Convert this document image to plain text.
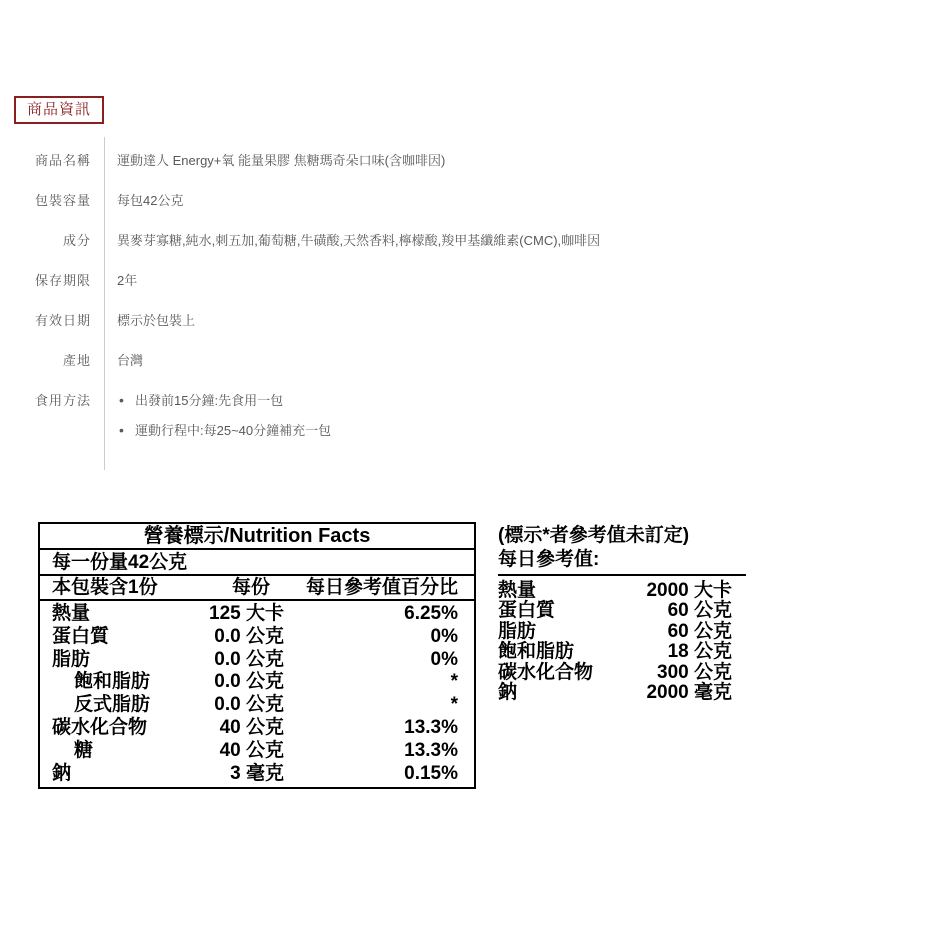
商品資訊
商品名稱	運動達人 Energy+氧 能量果膠 焦糖瑪奇朵口味(含咖啡因)
包裝容量	每包42公克
成分	異麥芽寡糖,純水,刺五加,葡萄糖,牛磺酸,天然香料,檸檬酸,羧甲基纖維素(CMC),咖啡因
保存期限	2年
有效日期	標示於包裝上
產地	台灣
食用方法 • 出發前15分鐘:先食用一包
• 運動行程中:每25~40分鐘補充一包
營養標示/Nutrition Facts
每一份量42公克
本包裝含1份	每份	每日參考值百分比
熱量	125 大卡	6.25%
蛋白質	0.0 公克	0%
脂肪	0.0 公克	0%
飽和脂肪	0.0 公克	*
反式脂肪	0.0 公克	*
碳水化合物	40 公克	13.3%
糖	40 公克	13.3%
鈉	3 毫克	0.15%
(標示*者參考值未訂定)
每日參考值:
熱量	2000 大卡
蛋白質	60 公克
脂肪	60 公克
飽和脂肪	18 公克
碳水化合物	300 公克
鈉	2000 毫克
